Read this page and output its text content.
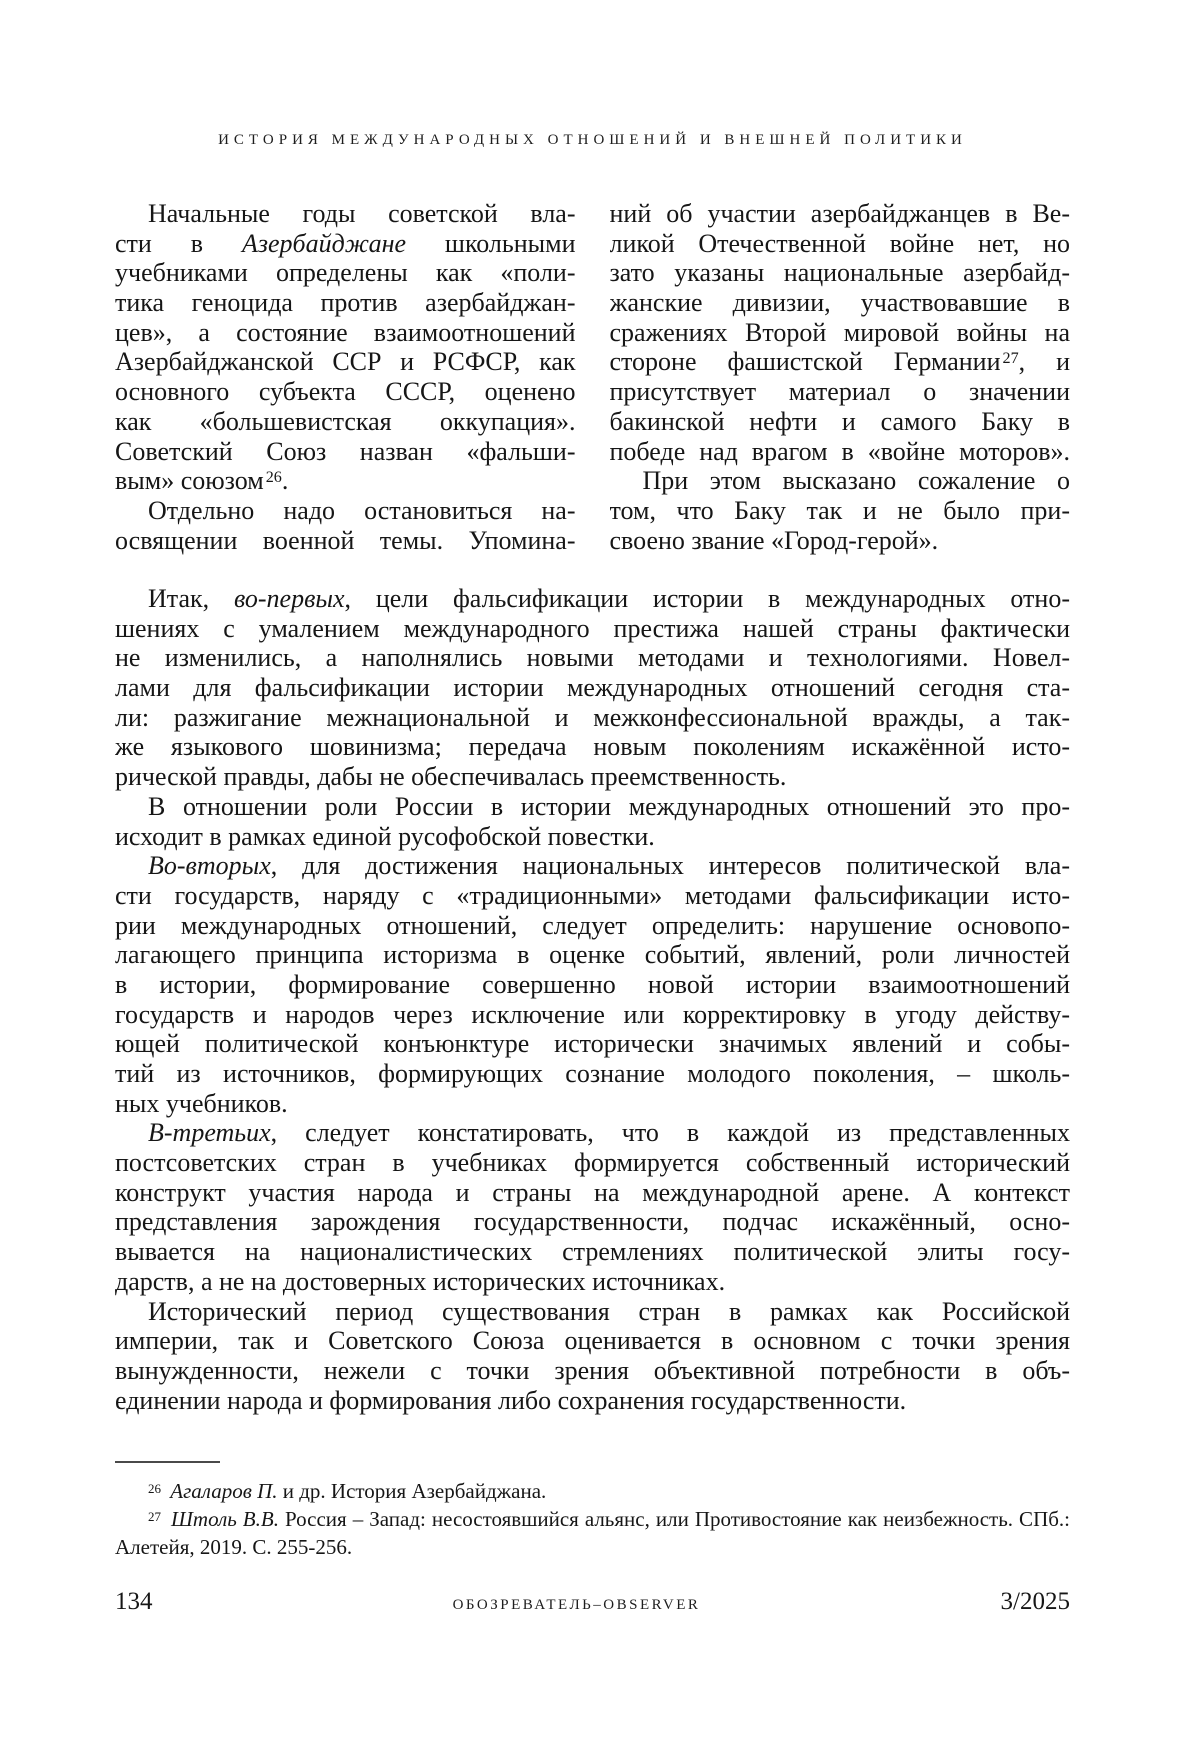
ИСТОРИЯ МЕЖДУНАРОДНЫХ ОТНОШЕНИЙ И ВНЕШНЕЙ ПОЛИТИКИ
Начальные годы советской вла-
сти в Азербайджане школьными
учебниками определены как «поли-
тика геноцида против азербайджан-
цев», а состояние взаимоотношений
Азербайджанской ССР и РСФСР, как
основного субъекта СССР, оценено
как «большевистская оккупация».
Советский Союз назван «фальши-
вым» союзом $^{26}$.
Отдельно надо остановиться на-
освящении военной темы. Упомина-
ний об участии азербайджанцев в Ве-
ликой Отечественной войне нет, но
зато указаны национальные азербайд-
жанские дивизии, участвовавшие в
сражениях Второй мировой войны на
стороне фашистской Германии $^{27}$, и
присутствует материал о значении
бакинской нефти и самого Баку в
победе над врагом в «войне моторов».
При этом высказано сожаление о
том, что Баку так и не было при-
своено звание «Город-герой».
Итак, во-первых, цели фальсификации истории в международных отно-
шениях с умалением международного престижа нашей страны фактически
не изменились, а наполнялись новыми методами и технологиями. Новел-
лами для фальсификации истории международных отношений сегодня ста-
ли: разжигание межнациональной и межконфессиональной вражды, а так-
же языкового шовинизма; передача новым поколениям искажённой исто-
рической правды, дабы не обеспечивалась преемственность.
В отношении роли России в истории международных отношений это про-
исходит в рамках единой русофобской повестки.
Во-вторых, для достижения национальных интересов политической вла-
сти государств, наряду с «традиционными» методами фальсификации исто-
рии международных отношений, следует определить: нарушение основопо-
лагающего принципа историзма в оценке событий, явлений, роли личностей
в истории, формирование совершенно новой истории взаимоотношений
государств и народов через исключение или корректировку в угоду действу-
ющей политической конъюнктуре исторически значимых явлений и собы-
тий из источников, формирующих сознание молодого поколения, – школь-
ных учебников.
В-третьих, следует констатировать, что в каждой из представленных
постсоветских стран в учебниках формируется собственный исторический
конструкт участия народа и страны на международной арене. А контекст
представления зарождения государственности, подчас искажённый, осно-
вывается на националистических стремлениях политической элиты госу-
дарств, а не на достоверных исторических источниках.
Исторический период существования стран в рамках как Российской
империи, так и Советского Союза оценивается в основном с точки зрения
вынужденности, нежели с точки зрения объективной потребности в объ-
единении народа и формирования либо сохранения государственности.
$^{26}$ Агаларов П. и др. История Азербайджана.
$^{27}$ Штоль В.В. Россия – Запад: несостоявшийся альянс, или Противостояние как неизбежность. СПб.:
Алетейя, 2019. С. 255-256.
134	ОБОЗРЕВАТЕЛЬ–OBSERVER	3/2025
